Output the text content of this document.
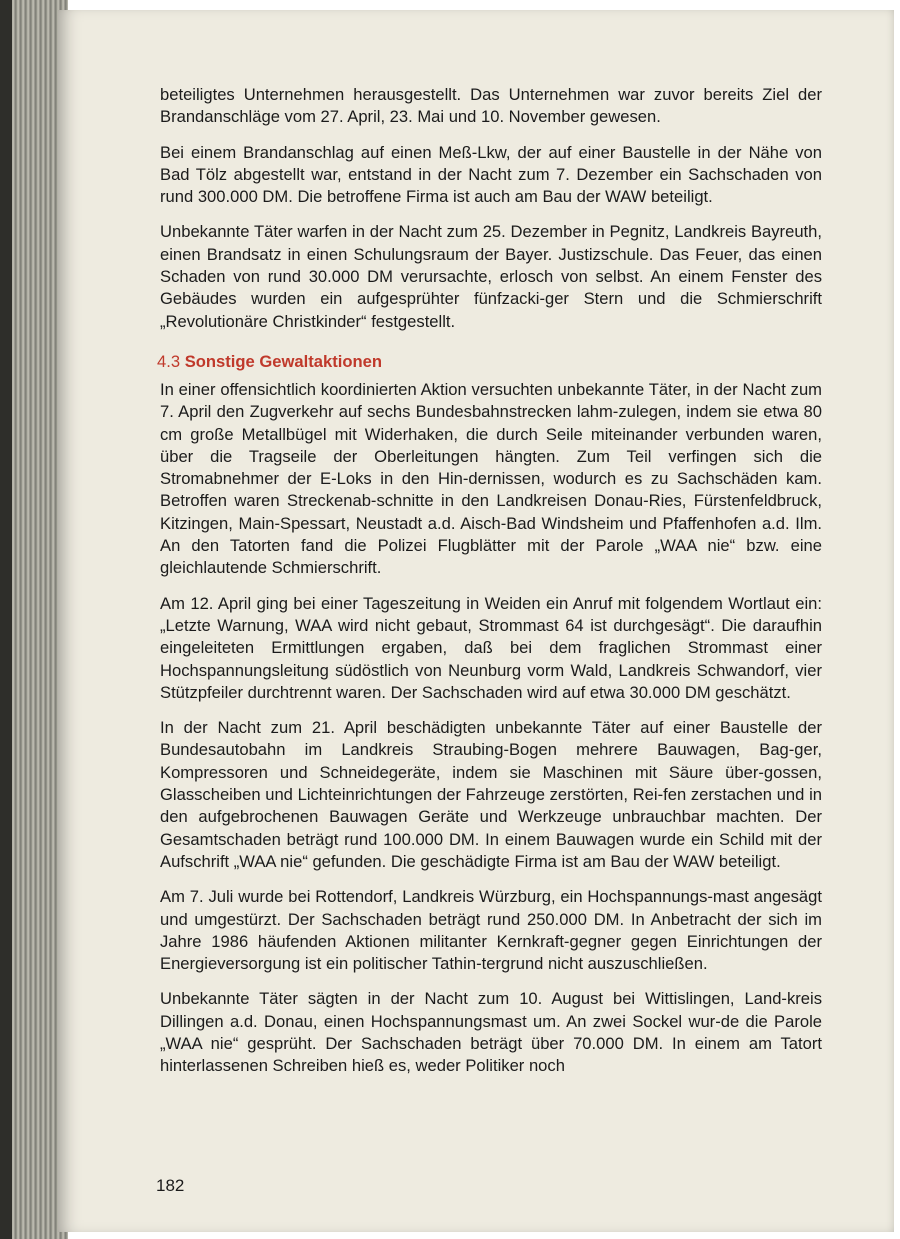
beteiligtes Unternehmen herausgestellt. Das Unternehmen war zuvor bereits Ziel der Brandanschläge vom 27. April, 23. Mai und 10. November gewesen.

Bei einem Brandanschlag auf einen Meß-Lkw, der auf einer Baustelle in der Nähe von Bad Tölz abgestellt war, entstand in der Nacht zum 7. Dezember ein Sachschaden von rund 300.000 DM. Die betroffene Firma ist auch am Bau der WAW beteiligt.

Unbekannte Täter warfen in der Nacht zum 25. Dezember in Pegnitz, Landkreis Bayreuth, einen Brandsatz in einen Schulungsraum der Bayer. Justizschule. Das Feuer, das einen Schaden von rund 30.000 DM verursachte, erlosch von selbst. An einem Fenster des Gebäudes wurden ein aufgesprühter fünfzacki-ger Stern und die Schmierschrift „Revolutionäre Christkinder“ festgestellt.

4.3 Sonstige Gewaltaktionen

In einer offensichtlich koordinierten Aktion versuchten unbekannte Täter, in der Nacht zum 7. April den Zugverkehr auf sechs Bundesbahnstrecken lahm-zulegen, indem sie etwa 80 cm große Metallbügel mit Widerhaken, die durch Seile miteinander verbunden waren, über die Tragseile der Oberleitungen hängten. Zum Teil verfingen sich die Stromabnehmer der E-Loks in den Hin-dernissen, wodurch es zu Sachschäden kam. Betroffen waren Streckenab-schnitte in den Landkreisen Donau-Ries, Fürstenfeldbruck, Kitzingen, Main-Spessart, Neustadt a.d. Aisch-Bad Windsheim und Pfaffenhofen a.d. Ilm. An den Tatorten fand die Polizei Flugblätter mit der Parole „WAA nie“ bzw. eine gleichlautende Schmierschrift.

Am 12. April ging bei einer Tageszeitung in Weiden ein Anruf mit folgendem Wortlaut ein: „Letzte Warnung, WAA wird nicht gebaut, Strommast 64 ist durchgesägt“. Die daraufhin eingeleiteten Ermittlungen ergaben, daß bei dem fraglichen Strommast einer Hochspannungsleitung südöstlich von Neunburg vorm Wald, Landkreis Schwandorf, vier Stützpfeiler durchtrennt waren. Der Sachschaden wird auf etwa 30.000 DM geschätzt.

In der Nacht zum 21. April beschädigten unbekannte Täter auf einer Baustelle der Bundesautobahn im Landkreis Straubing-Bogen mehrere Bauwagen, Bag-ger, Kompressoren und Schneidegeräte, indem sie Maschinen mit Säure über-gossen, Glasscheiben und Lichteinrichtungen der Fahrzeuge zerstörten, Rei-fen zerstachen und in den aufgebrochenen Bauwagen Geräte und Werkzeuge unbrauchbar machten. Der Gesamtschaden beträgt rund 100.000 DM. In einem Bauwagen wurde ein Schild mit der Aufschrift „WAA nie“ gefunden. Die geschädigte Firma ist am Bau der WAW beteiligt.

Am 7. Juli wurde bei Rottendorf, Landkreis Würzburg, ein Hochspannungs-mast angesägt und umgestürzt. Der Sachschaden beträgt rund 250.000 DM. In Anbetracht der sich im Jahre 1986 häufenden Aktionen militanter Kernkraft-gegner gegen Einrichtungen der Energieversorgung ist ein politischer Tathin-tergrund nicht auszuschließen.

Unbekannte Täter sägten in der Nacht zum 10. August bei Wittislingen, Land-kreis Dillingen a.d. Donau, einen Hochspannungsmast um. An zwei Sockel wur-de die Parole „WAA nie“ gesprüht. Der Sachschaden beträgt über 70.000 DM. In einem am Tatort hinterlassenen Schreiben hieß es, weder Politiker noch

182
